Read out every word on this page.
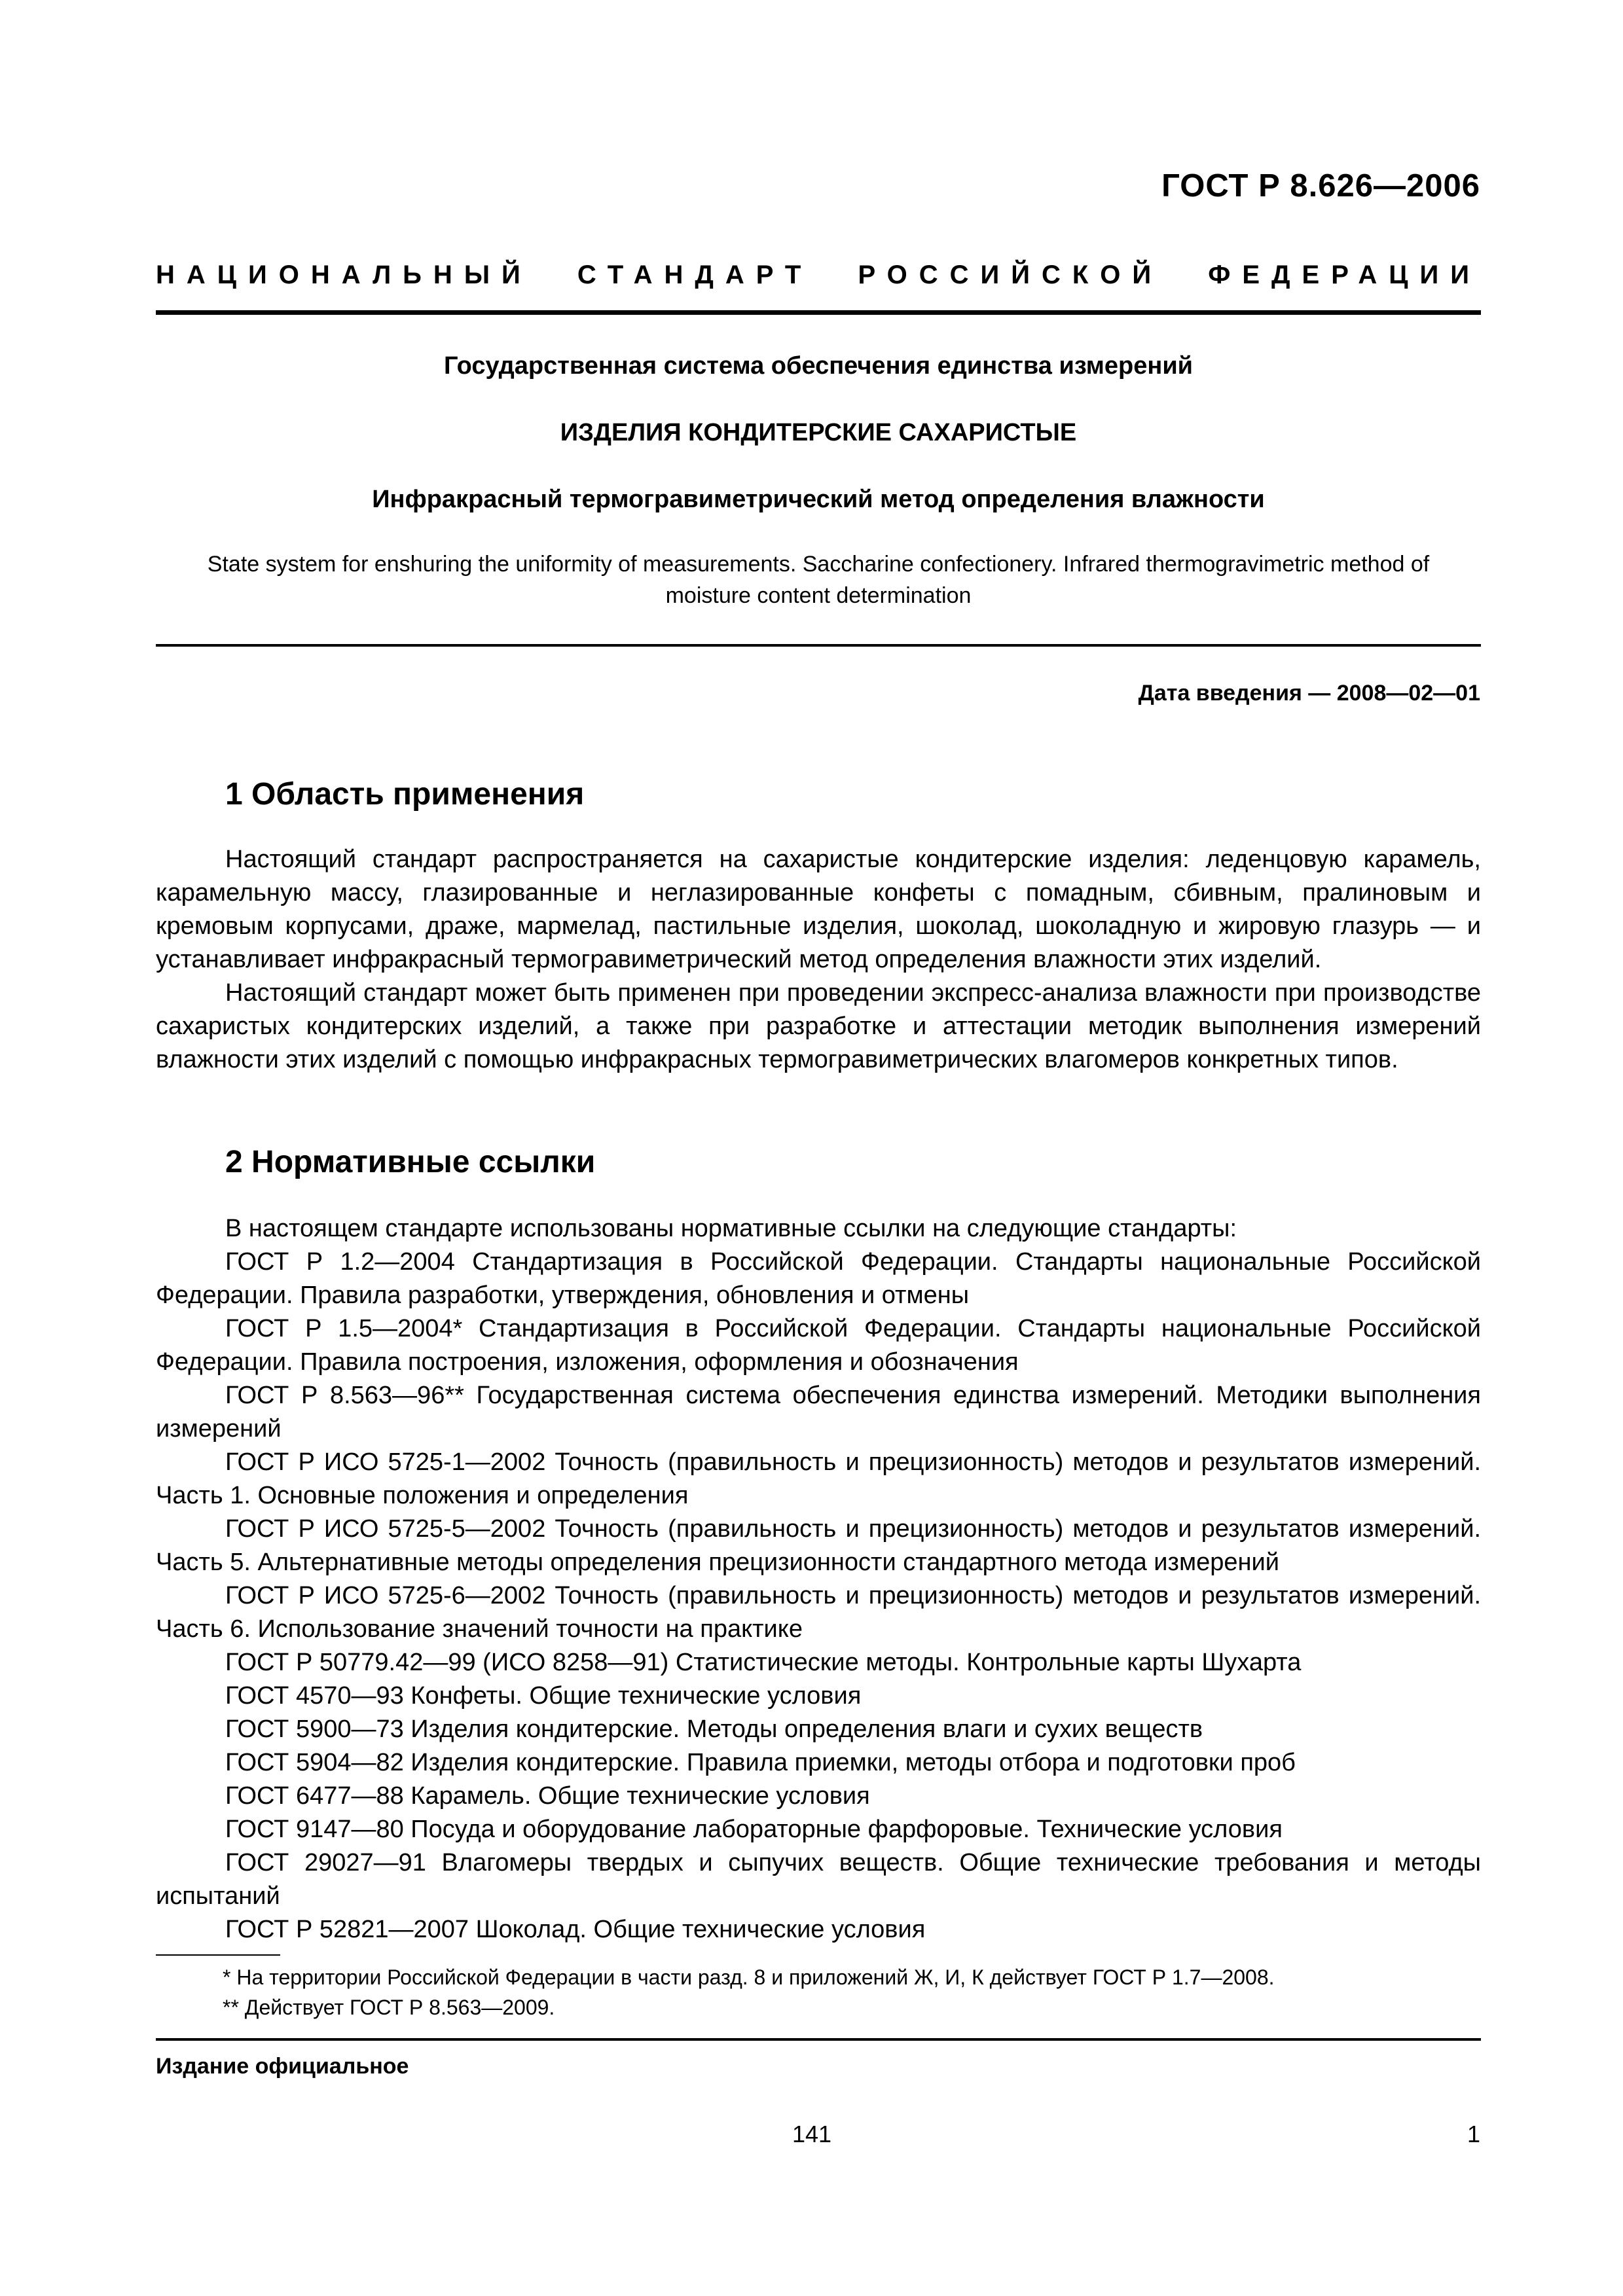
ГОСТ Р 8.626—2006
НАЦИОНАЛЬНЫЙ СТАНДАРТ РОССИЙСКОЙ ФЕДЕРАЦИИ
Государственная система обеспечения единства измерений
ИЗДЕЛИЯ КОНДИТЕРСКИЕ САХАРИСТЫЕ
Инфракрасный термогравиметрический метод определения влажности
State system for enshuring the uniformity of measurements. Saccharine confectionery. Infrared thermogravimetric method of moisture content determination
Дата введения — 2008—02—01
1 Область применения

Настоящий стандарт распространяется на сахаристые кондитерские изделия: леденцовую карамель, карамельную массу, глазированные и неглазированные конфеты с помадным, сбивным, пралиновым и кремовым корпусами, драже, мармелад, пастильные изделия, шоколад, шоколадную и жировую глазурь — и устанавливает инфракрасный термогравиметрический метод определения влажности этих изделий.

Настоящий стандарт может быть применен при проведении экспресс-анализа влажности при производстве сахаристых кондитерских изделий, а также при разработке и аттестации методик выполнения измерений влажности этих изделий с помощью инфракрасных термогравиметрических влагомеров конкретных типов.

2 Нормативные ссылки

В настоящем стандарте использованы нормативные ссылки на следующие стандарты:

ГОСТ Р 1.2—2004 Стандартизация в Российской Федерации. Стандарты национальные Российской Федерации. Правила разработки, утверждения, обновления и отмены

ГОСТ Р 1.5—2004* Стандартизация в Российской Федерации. Стандарты национальные Российской Федерации. Правила построения, изложения, оформления и обозначения

ГОСТ Р 8.563—96** Государственная система обеспечения единства измерений. Методики выполнения измерений

ГОСТ Р ИСО 5725-1—2002 Точность (правильность и прецизионность) методов и результатов измерений. Часть 1. Основные положения и определения

ГОСТ Р ИСО 5725-5—2002 Точность (правильность и прецизионность) методов и результатов измерений. Часть 5. Альтернативные методы определения прецизионности стандартного метода измерений

ГОСТ Р ИСО 5725-6—2002 Точность (правильность и прецизионность) методов и результатов измерений. Часть 6. Использование значений точности на практике

ГОСТ Р 50779.42—99 (ИСО 8258—91) Статистические методы. Контрольные карты Шухарта

ГОСТ 4570—93 Конфеты. Общие технические условия

ГОСТ 5900—73 Изделия кондитерские. Методы определения влаги и сухих веществ

ГОСТ 5904—82 Изделия кондитерские. Правила приемки, методы отбора и подготовки проб

ГОСТ 6477—88 Карамель. Общие технические условия

ГОСТ 9147—80 Посуда и оборудование лабораторные фарфоровые. Технические условия

ГОСТ 29027—91 Влагомеры твердых и сыпучих веществ. Общие технические требования и методы испытаний

ГОСТ Р 52821—2007 Шоколад. Общие технические условия

* На территории Российской Федерации в части разд. 8 и приложений Ж, И, К действует ГОСТ Р 1.7—2008.

** Действует ГОСТ Р 8.563—2009.

Издание официальное
141	1
